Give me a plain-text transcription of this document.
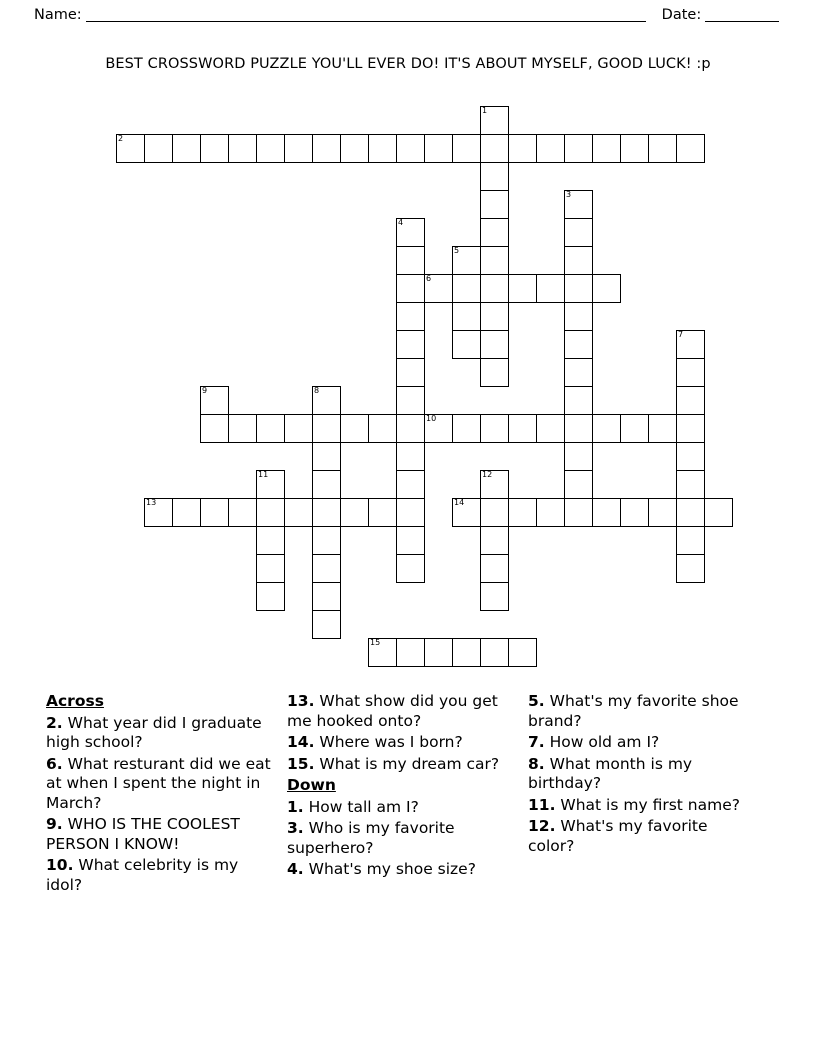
Name:	Date:
BEST CROSSWORD PUZZLE YOU'LL EVER DO! IT'S ABOUT MYSELF, GOOD LUCK! :p
1
2
3
4
5
6
7
8
9
10
11	12
13	14
15
Across

2. What year did I graduate high school?

6. What resturant did we eat at when I spent the night in March?

9. WHO IS THE COOLEST PERSON I KNOW!

10. What celebrity is my idol?

13. What show did you get me hooked onto?

14. Where was I born?

15. What is my dream car?

Down

1. How tall am I?

3. Who is my favorite superhero?

4. What's my shoe size?

5. What's my favorite shoe brand?

7. How old am I?

8. What month is my birthday?

11. What is my first name?

12. What's my favorite color?
